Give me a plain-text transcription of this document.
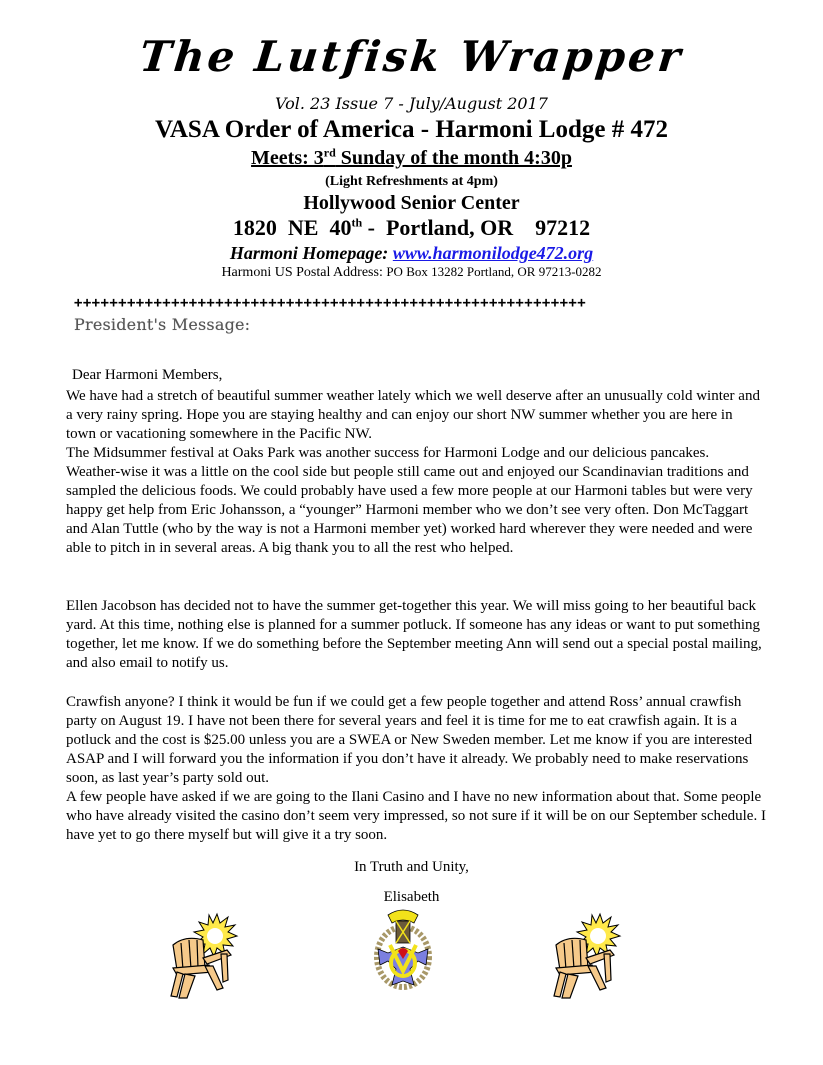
The Lutfisk Wrapper
Vol. 23 Issue 7 - July/August 2017
VASA Order of America - Harmoni Lodge # 472
Meets: 3rd Sunday of the month 4:30p
(Light Refreshments at 4pm)
Hollywood Senior Center
1820  NE  40th -  Portland, OR    97212
Harmoni Homepage: www.harmonilodge472.org
Harmoni US Postal Address: PO Box 13282 Portland, OR 97213-0282
++++++++++++++++++++++++++++++++++++++++++++++++++++++++++
President's Message:
Dear Harmoni Members,

We have had a stretch of beautiful summer weather lately which we well deserve after an unusually cold winter and a very rainy spring. Hope you are staying healthy and can enjoy our short NW summer whether you are here in town or vacationing somewhere in the Pacific NW.

The Midsummer festival at Oaks Park was another success for Harmoni Lodge and our delicious pancakes. Weather-wise it was a little on the cool side but people still came out and enjoyed our Scandinavian traditions and sampled the delicious foods. We could probably have used a few more people at our Harmoni tables but were very happy get help from Eric Johansson, a “younger” Harmoni member who we don’t see very often. Don McTaggart and Alan Tuttle (who by the way is not a Harmoni member yet) worked hard wherever they were needed and were able to pitch in in several areas. A big thank you to all the rest who helped.

Ellen Jacobson has decided not to have the summer get-together this year. We will miss going to her beautiful back yard. At this time, nothing else is planned for a summer potluck. If someone has any ideas or want to put something together, let me know. If we do something before the September meeting Ann will send out a special postal mailing, and also email to notify us.

Crawfish anyone? I think it would be fun if we could get a few people together and attend Ross’ annual crawfish party on August 19. I have not been there for several years and feel it is time for me to eat crawfish again. It is a potluck and the cost is $25.00 unless you are a SWEA or New Sweden member. Let me know if you are interested ASAP and I will forward you the information if you don’t have it already. We probably need to make reservations soon, as last year’s party sold out.

A few people have asked if we are going to the Ilani Casino and I have no new information about that. Some people who have already visited the casino don’t seem very impressed, so not sure if it will be on our September schedule. I have yet to go there myself but will give it a try soon.

In Truth and Unity,
Elisabeth
